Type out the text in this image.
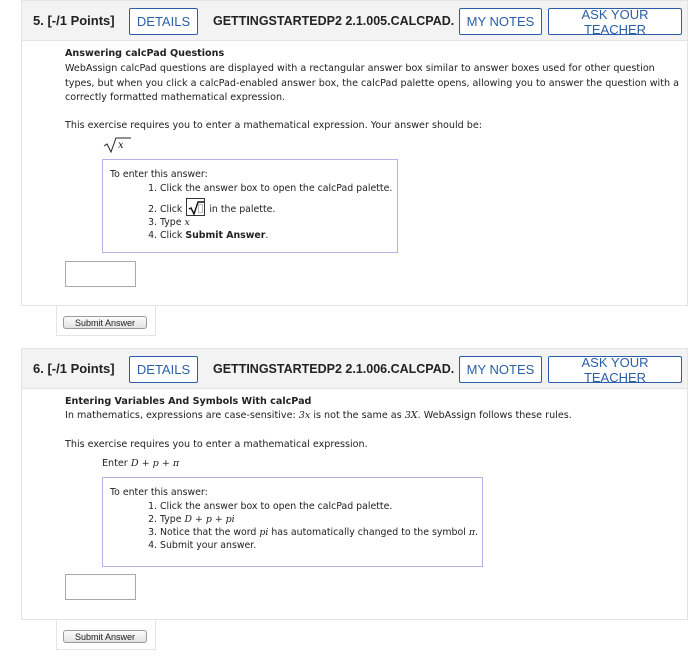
5. [-/1 Points]	DETAILS	GETTINGSTARTEDP2 2.1.005.CALCPAD. MY NOTES	ASK YOUR TEACHER
Answering calcPad Questions
WebAssign calcPad questions are displayed with a rectangular answer box similar to answer boxes used for other question types, but when you click a calcPad-enabled answer box, the calcPad palette opens, allowing you to answer the question with a correctly formatted mathematical expression.
This exercise requires you to enter a mathematical expression. Your answer should be:
x
To enter this answer:
1. Click the answer box to open the calcPad palette.
2. Click	in the palette.
3. Type x
4. Click Submit Answer.
Submit Answer
6. [-/1 Points]	DETAILS	GETTINGSTARTEDP2 2.1.006.CALCPAD. MY NOTES	ASK YOUR TEACHER
Entering Variables And Symbols With calcPad
In mathematics, expressions are case-sensitive: 3x is not the same as 3X. WebAssign follows these rules.
This exercise requires you to enter a mathematical expression.
Enter D + p + π
To enter this answer:
1. Click the answer box to open the calcPad palette.
2. Type D + p + pi
3. Notice that the word pi has automatically changed to the symbol π.
4. Submit your answer.
Submit Answer
